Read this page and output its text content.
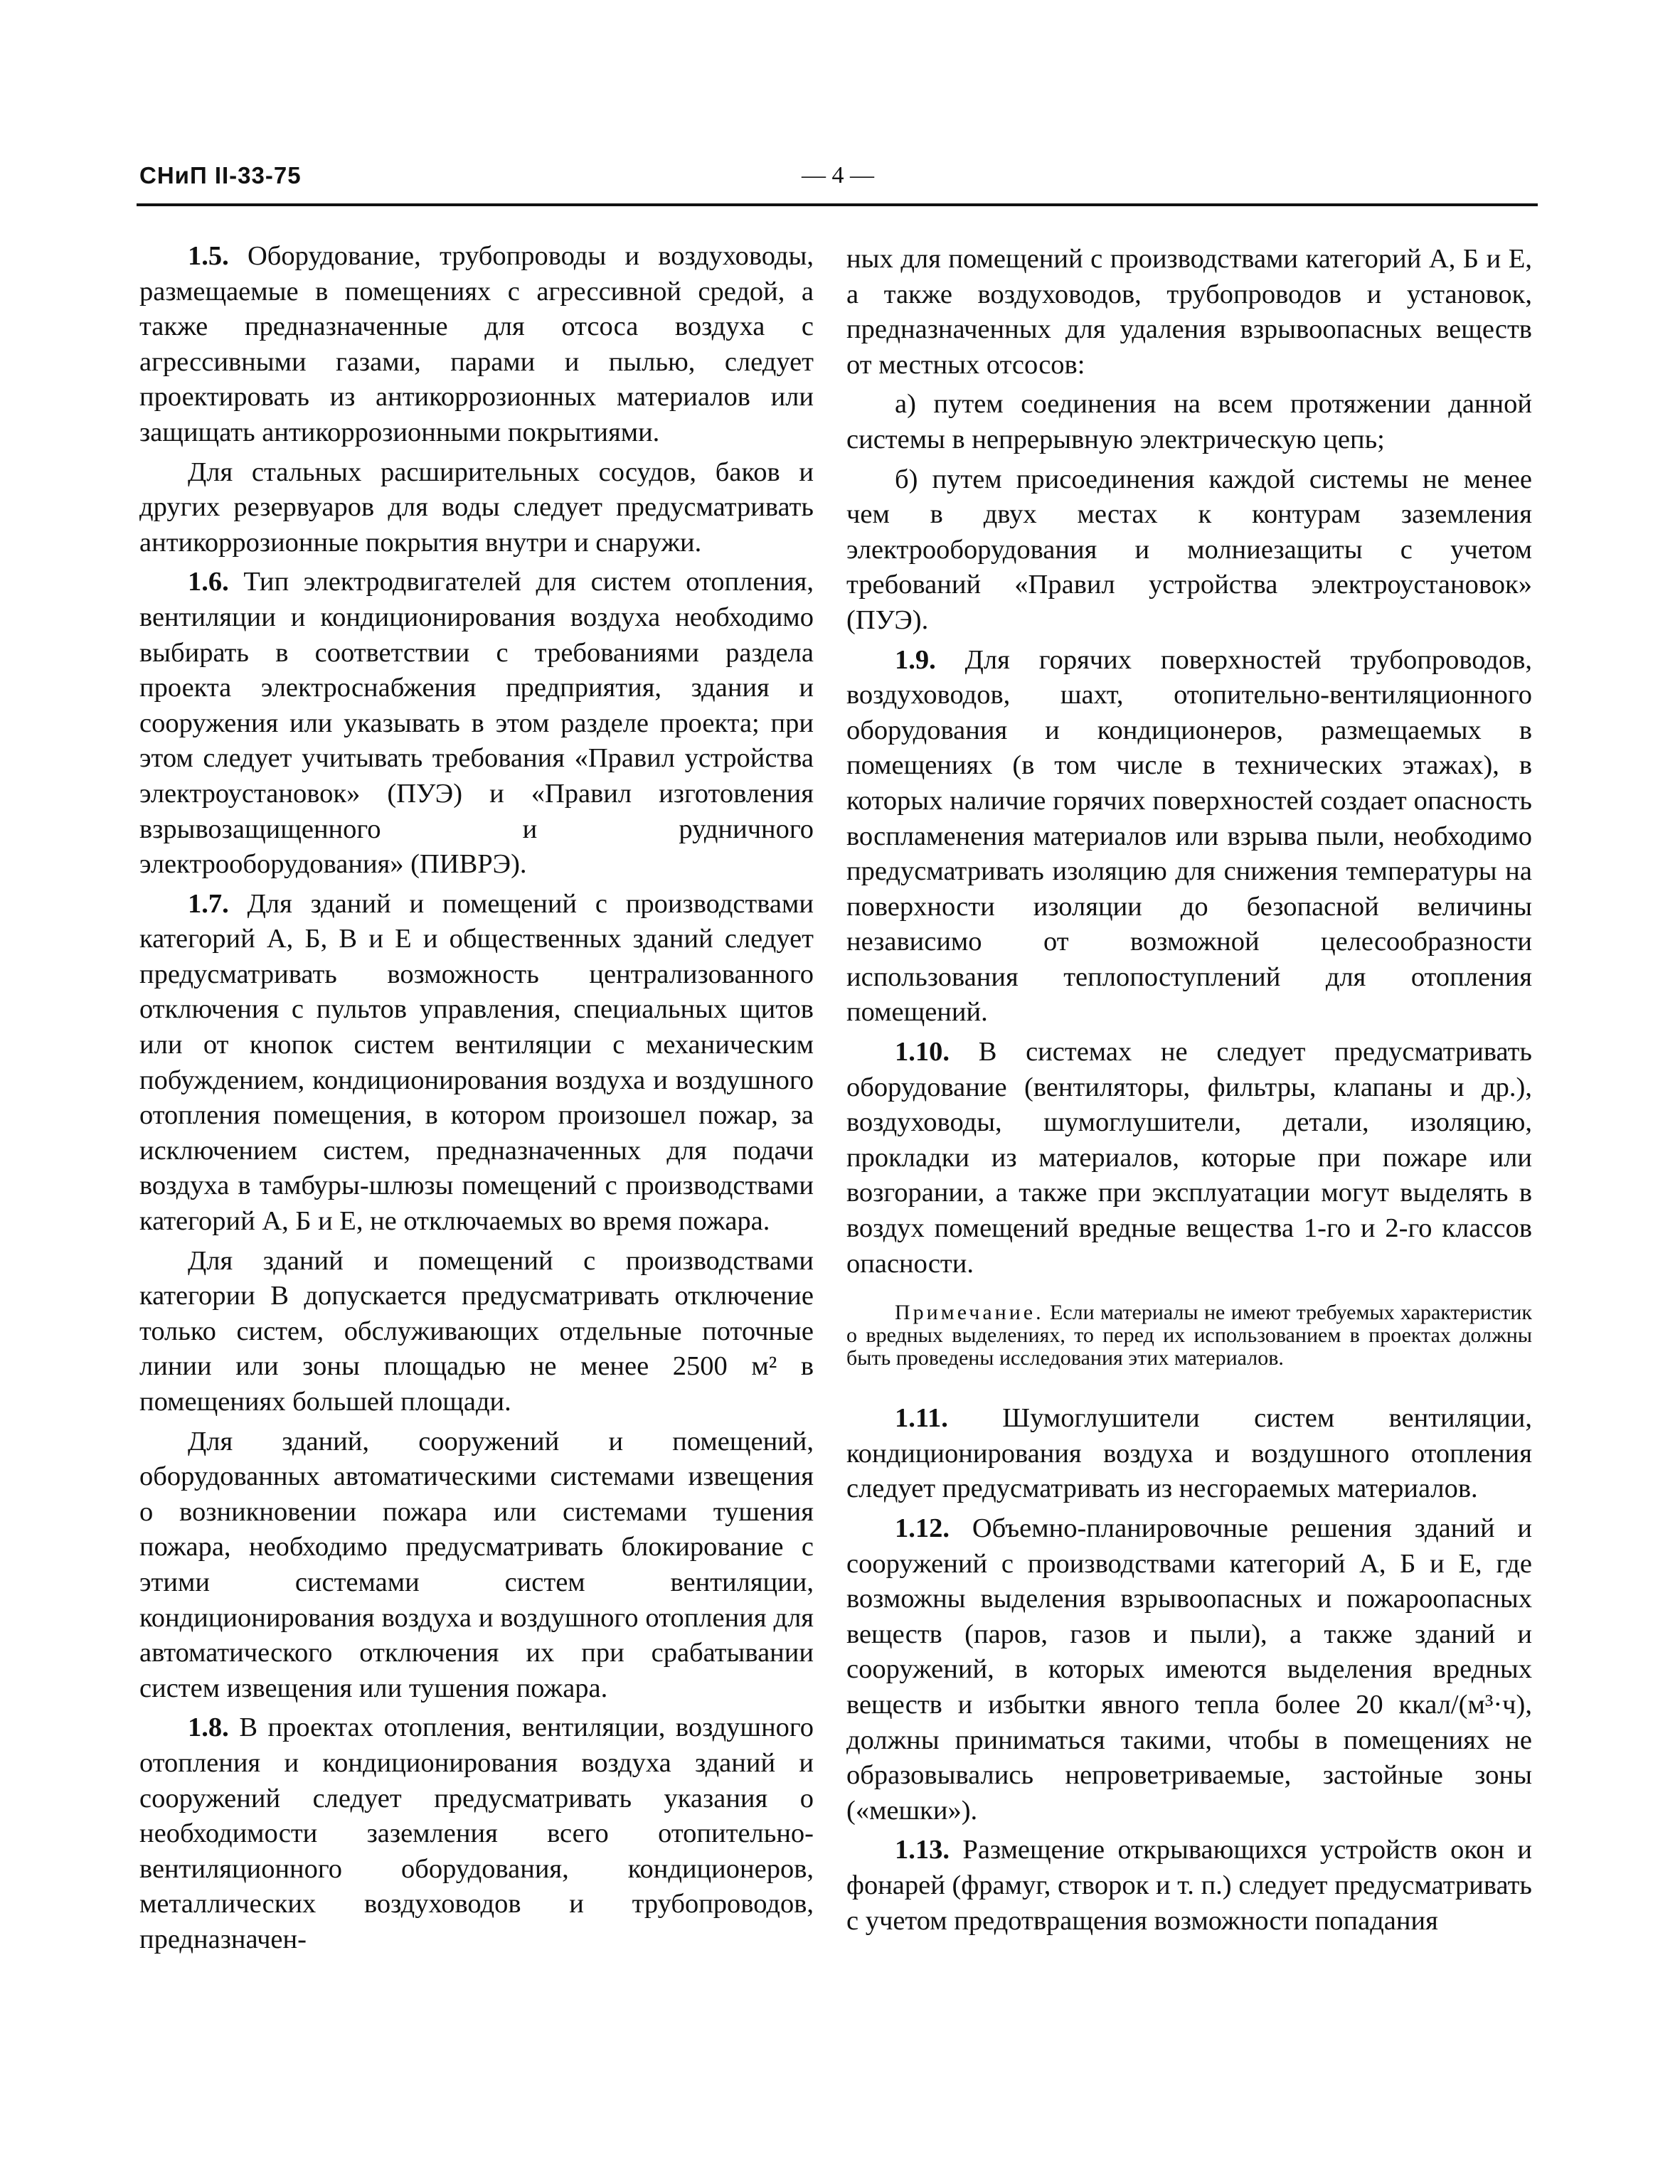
СНиП II-33-75	— 4 —

1.5. Оборудование, трубопроводы и воздуховоды, размещаемые в помещениях с агрессивной средой, а также предназначенные для отсоса воздуха с агрессивными газами, парами и пылью, следует проектировать из антикоррозионных материалов или защищать антикоррозионными покрытиями.

Для стальных расширительных сосудов, баков и других резервуаров для воды следует предусматривать антикоррозионные покрытия внутри и снаружи.

1.6. Тип электродвигателей для систем отопления, вентиляции и кондиционирования воздуха необходимо выбирать в соответствии с требованиями раздела проекта электроснабжения предприятия, здания и сооружения или указывать в этом разделе проекта; при этом следует учитывать требования «Правил устройства электроустановок» (ПУЭ) и «Правил изготовления взрывозащищенного и рудничного электрооборудования» (ПИВРЭ).

1.7. Для зданий и помещений с производствами категорий А, Б, В и Е и общественных зданий следует предусматривать возможность централизованного отключения с пультов управления, специальных щитов или от кнопок систем вентиляции с механическим побуждением, кондиционирования воздуха и воздушного отопления помещения, в котором произошел пожар, за исключением систем, предназначенных для подачи воздуха в тамбуры-шлюзы помещений с производствами категорий А, Б и Е, не отключаемых во время пожара.

Для зданий и помещений с производствами категории В допускается предусматривать отключение только систем, обслуживающих отдельные поточные линии или зоны площадью не менее 2500 м² в помещениях большей площади.

Для зданий, сооружений и помещений, оборудованных автоматическими системами извещения о возникновении пожара или системами тушения пожара, необходимо предусматривать блокирование с этими системами систем вентиляции, кондиционирования воздуха и воздушного отопления для автоматического отключения их при срабатывании систем извещения или тушения пожара.

1.8. В проектах отопления, вентиляции, воздушного отопления и кондиционирования воздуха зданий и сооружений следует предусматривать указания о необходимости заземления всего отопительно-вентиляционного оборудования, кондиционеров, металлических воздуховодов и трубопроводов, предназначен-

ных для помещений с производствами категорий А, Б и Е, а также воздуховодов, трубопроводов и установок, предназначенных для удаления взрывоопасных веществ от местных отсосов:

а) путем соединения на всем протяжении данной системы в непрерывную электрическую цепь;

б) путем присоединения каждой системы не менее чем в двух местах к контурам заземления электрооборудования и молниезащиты с учетом требований «Правил устройства электроустановок» (ПУЭ).

1.9. Для горячих поверхностей трубопроводов, воздуховодов, шахт, отопительно-вентиляционного оборудования и кондиционеров, размещаемых в помещениях (в том числе в технических этажах), в которых наличие горячих поверхностей создает опасность воспламенения материалов или взрыва пыли, необходимо предусматривать изоляцию для снижения температуры на поверхности изоляции до безопасной величины независимо от возможной целесообразности использования теплопоступлений для отопления помещений.

1.10. В системах не следует предусматривать оборудование (вентиляторы, фильтры, клапаны и др.), воздуховоды, шумоглушители, детали, изоляцию, прокладки из материалов, которые при пожаре или возгорании, а также при эксплуатации могут выделять в воздух помещений вредные вещества 1-го и 2-го классов опасности.

Примечание. Если материалы не имеют требуемых характеристик о вредных выделениях, то перед их использованием в проектах должны быть проведены исследования этих материалов.

1.11. Шумоглушители систем вентиляции, кондиционирования воздуха и воздушного отопления следует предусматривать из несгораемых материалов.

1.12. Объемно-планировочные решения зданий и сооружений с производствами категорий А, Б и Е, где возможны выделения взрывоопасных и пожароопасных веществ (паров, газов и пыли), а также зданий и сооружений, в которых имеются выделения вредных веществ и избытки явного тепла более 20 ккал/(м³·ч), должны приниматься такими, чтобы в помещениях не образовывались непроветриваемые, застойные зоны («мешки»).

1.13. Размещение открывающихся устройств окон и фонарей (фрамуг, створок и т. п.) следует предусматривать с учетом предотвращения возможности попадания
